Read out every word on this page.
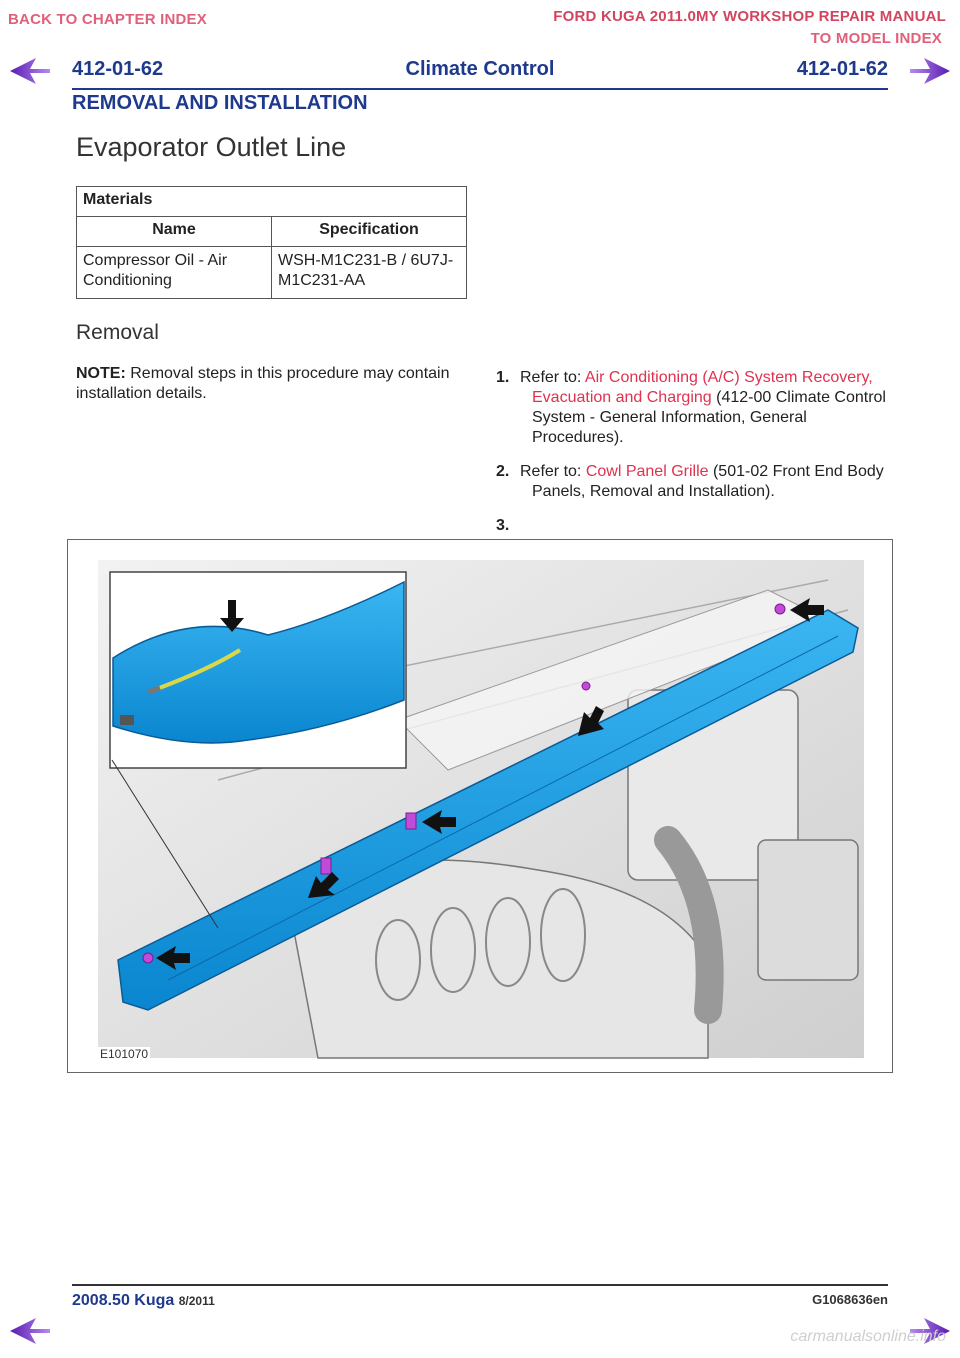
BACK TO CHAPTER INDEX	FORD KUGA 2011.0MY WORKSHOP REPAIR MANUAL
TO MODEL INDEX
412-01-62	Climate Control	412-01-62
REMOVAL AND INSTALLATION
Evaporator Outlet Line
Materials	
Name	Specification
Compressor Oil - Air Conditioning	WSH-M1C231-B / 6U7J-M1C231-AA
Removal
NOTE: Removal steps in this procedure may contain installation details.
1. Refer to: Air Conditioning (A/C) System Recovery, Evacuation and Charging (412-00 Climate Control System - General Information, General Procedures).
2. Refer to: Cowl Panel Grille (501-02 Front End Body Panels, Removal and Installation).
3.
E101070
2008.50 Kuga 8/2011	G1068636en
carmanualsonline.info
